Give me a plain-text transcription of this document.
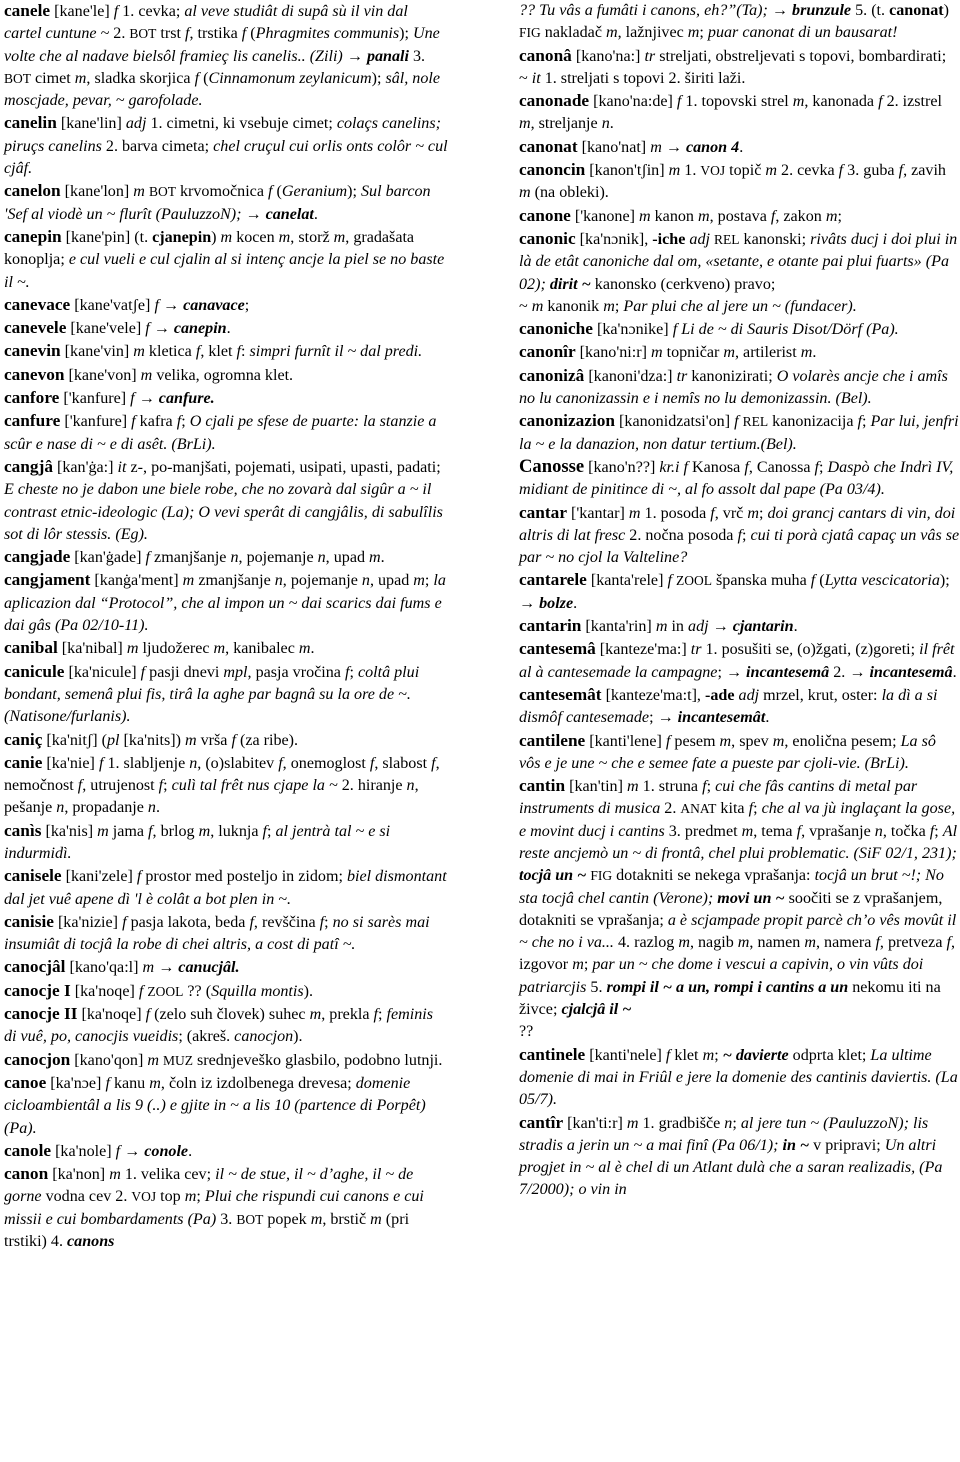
canele [kane'le] f 1. cevka; al veve studiât di supâ sù il vin dal cartel cuntune ~ 2. BOT trst f, trstika f (Phragmites communis); Une volte che al nadave bielsôl framieç lis canelis.. (Zili) → panali 3. BOT cimet m, sladka skorjica f (Cinnamonum zeylanicum); sâl, nole moscjade, pevar, ~ garofolade.
canelin [kane'lin] adj 1. cimetni, ki vsebuje cimet; colaçs canelins; piruçs canelins 2. barva cimeta; chel cruçul cui orlis onts colôr ~ cul cjâf.
canelon [kane'lon] m BOT krvomočnica f (Geranium); Sul barcon 'Sef al viodè un ~ flurît (PauluzzoN); → canelat.
canepin [kane'pin] (t. cjanepin) m kocen m, storž m, gradašata konoplja; e cul vueli e cul cjalin al si intenç ancje la piel se no baste il ~.
canevace [kane'vatʃe] f → canavace;
canevele [kane'vele] f → canepin.
canevin [kane'vin] m kletica f, klet f: simpri furnît il ~ dal predi.
canevon [kane'von] m velika, ogromna klet.
canfore ['kanfure] f → canfure.
canfure ['kanfure] f kafra f; O cjali pe sfese de puarte: la stanzie a scûr e nase di ~ e di asêt. (BrLi).
cangjâ [kan'ġa:] it z-, po-manjšati, pojemati, usipati, upasti, padati; E cheste no je dabon une biele robe, che no zovarà dal sigûr a ~ il contrast etnic-ideologic (La); O vevi sperât di cangjâlis, di sabulîlis sot di lôr stessis. (Eg).
cangjade [kan'ġade] f zmanjšanje n, pojemanje n, upad m.
cangjament [kanġa'ment] m zmanjšanje n, pojemanje n, upad m; la aplicazion dal “Protocol”, che al impon un ~ dai scarics dai fums e dai gâs (Pa 02/10-11).
canibal [ka'nibal] m ljudožerec m, kanibalec m.
canicule [ka'nicule] f pasji dnevi mpl, pasja vročina f; coltâ plui bondant, semenâ plui fis, tirâ la aghe par bagnâ su la ore de ~.(Natisone/furlanis).
caniç [ka'nitʃ] (pl [ka'nits]) m vrša f (za ribe).
canie [ka'nie] f 1. slabljenje n, (o)slabitev f, onemoglost f, slabost f, nemočnost f, utrujenost f; culì tal frêt nus cjape la ~ 2. hiranje n, pešanje n, propadanje n.
canìs [ka'nis] m jama f, brlog m, luknja f; al jentrà tal ~ e si indurmidì.
canisele [kani'zele] f prostor med posteljo in zidom; biel dismontant dal jet vuê apene dì 'l è colât a bot plen in ~.
canisie [ka'nizie] f pasja lakota, beda f, revščina f; no si sarès mai insumiât di tocjâ la robe di chei altris, a cost di patî ~.
canocjâl [kano'qa:l] m → canucjâl.
canocje I [ka'noqe] f ZOOL ?? (Squilla montis).
canocje II [ka'noqe] f (zelo suh človek) suhec m, prekla f; feminis di vuê, po, canocjis vueidis; (akreš. canocjon).
canocjon [kano'qon] m MUZ srednjeveško glasbilo, podobno lutnji.
canoe [ka'nɔe] f kanu m, čoln iz izdolbenega drevesa; domenie cicloambientâl a lis 9 (..) e gjite in ~ a lis 10 (partence di Porpêt) (Pa).
canole [ka'nole] f → conole.
canon [ka'non] m 1. velika cev; il ~ de stue, il ~ d’aghe, il ~ de gorne vodna cev 2. VOJ top m; Plui che rispundi cui canons e cui missii e cui bombardaments (Pa) 3. BOT popek m, brstič m (pri trstiki) 4. canons
?? Tu vâs a fumâti i canons, eh?”(Ta); → brunzule 5. (t. canonat) FIG nakladač m, lažnjivec m; puar canonat di un bausarat!
canonâ [kano'na:] tr streljati, obstreljevati s topovi, bombardirati;
~ it 1. streljati s topovi 2. širiti laži.
canonade [kano'na:de] f 1. topovski strel m, kanonada f 2. izstrel m, streljanje n.
canonat [kano'nat] m → canon 4.
canoncin [kanon'tʃin] m 1. VOJ topič m 2. cevka f 3. guba f, zavih m (na obleki).
canone ['kanone] m kanon m, postava f, zakon m;
canonic [ka'nɔnik], -iche adj REL kanonski; rivâts ducj i doi plui in là de etât canoniche dal om, «setante, e otante pai plui fuarts» (Pa 02); dirit ~ kanonsko (cerkveno) pravo;
~ m kanonik m; Par plui che al jere un ~ (fundacer).
canoniche [ka'nɔnike] f Li de ~ di Sauris Disot/Dörf (Pa).
canonîr [kano'ni:r] m topničar m, artilerist m.
canonizâ [kanoni'dza:] tr kanonizirati; O volarès ancje che i amîs no lu canonizassin e i nemîs no lu demonizassin. (Bel).
canonizazion [kanonidzatsi'on] f REL kanonizacija f; Par lui, jenfri la ~ e la danazion, non datur tertium.(Bel).
Canosse [kano'n??] kr.i f Kanosa f, Canossa f; Daspò che Indrì IV, midiant de pinitince di ~, al fo assolt dal pape (Pa 03/4).
cantar ['kantar] m 1. posoda f, vrč m; doi grancj cantars di vin, doi altris di lat fresc 2. nočna posoda f; cui ti porà cjatâ capaç un vâs se par ~ no cjol la Valteline?
cantarele [kanta'rele] f ZOOL španska muha f (Lytta vescicatoria); → bolze.
cantarin [kanta'rin] m in adj → cjantarin.
cantesemâ [kanteze'ma:] tr 1. posušiti se, (o)žgati, (z)goreti; il frêt al à cantesemade la campagne; → incantesemâ 2. → incantesemâ.
cantesemât [kanteze'ma:t], -ade adj mrzel, krut, oster: la dì a si dismôf cantesemade; → incantesemât.
cantilene [kanti'lene] f pesem m, spev m, enolična pesem; La sô vôs e je une ~ che e semee fate a pueste par cjoli-vie. (BrLi).
cantin [kan'tin] m 1. struna f; cui che fâs cantins di metal par instruments di musica 2. ANAT kita f; che al va jù inglaçant la gose, e movint ducj i cantins 3. predmet m, tema f, vprašanje n, točka f; Al reste ancjemò un ~ di frontâ, chel plui problematic. (SiF 02/1, 231); tocjâ un ~ FIG dotakniti se nekega vprašanja: tocjâ un brut ~!; No sta tocjâ chel cantin (Verone); movi un ~ soočiti se z vprašanjem, dotakniti se vprašanja; a è scjampade propit parcè ch’o vês movût il ~ che no i va... 4. razlog m, nagib m, namen m, namera f, pretveza f, izgovor m; par un ~ che dome i vescui a capivin, o vin vûts doi patriarcjis 5. rompi il ~ a un, rompi i cantins a un nekomu iti na živce; cjalcjâ il ~
??
cantinele [kanti'nele] f klet m; ~ davierte odprta klet; La ultime domenie di mai in Friûl e jere la domenie des cantinis daviertis. (La 05/7).
cantîr [kan'ti:r] m 1. gradbišče n; al jere tun ~ (PauluzzoN); lis stradis a jerin un ~ a mai finî (Pa 06/1); in ~ v pripravi; Un altri progjet in ~ al è chel di un Atlant dulà che a saran realizadis, (Pa 7/2000); o vin in
